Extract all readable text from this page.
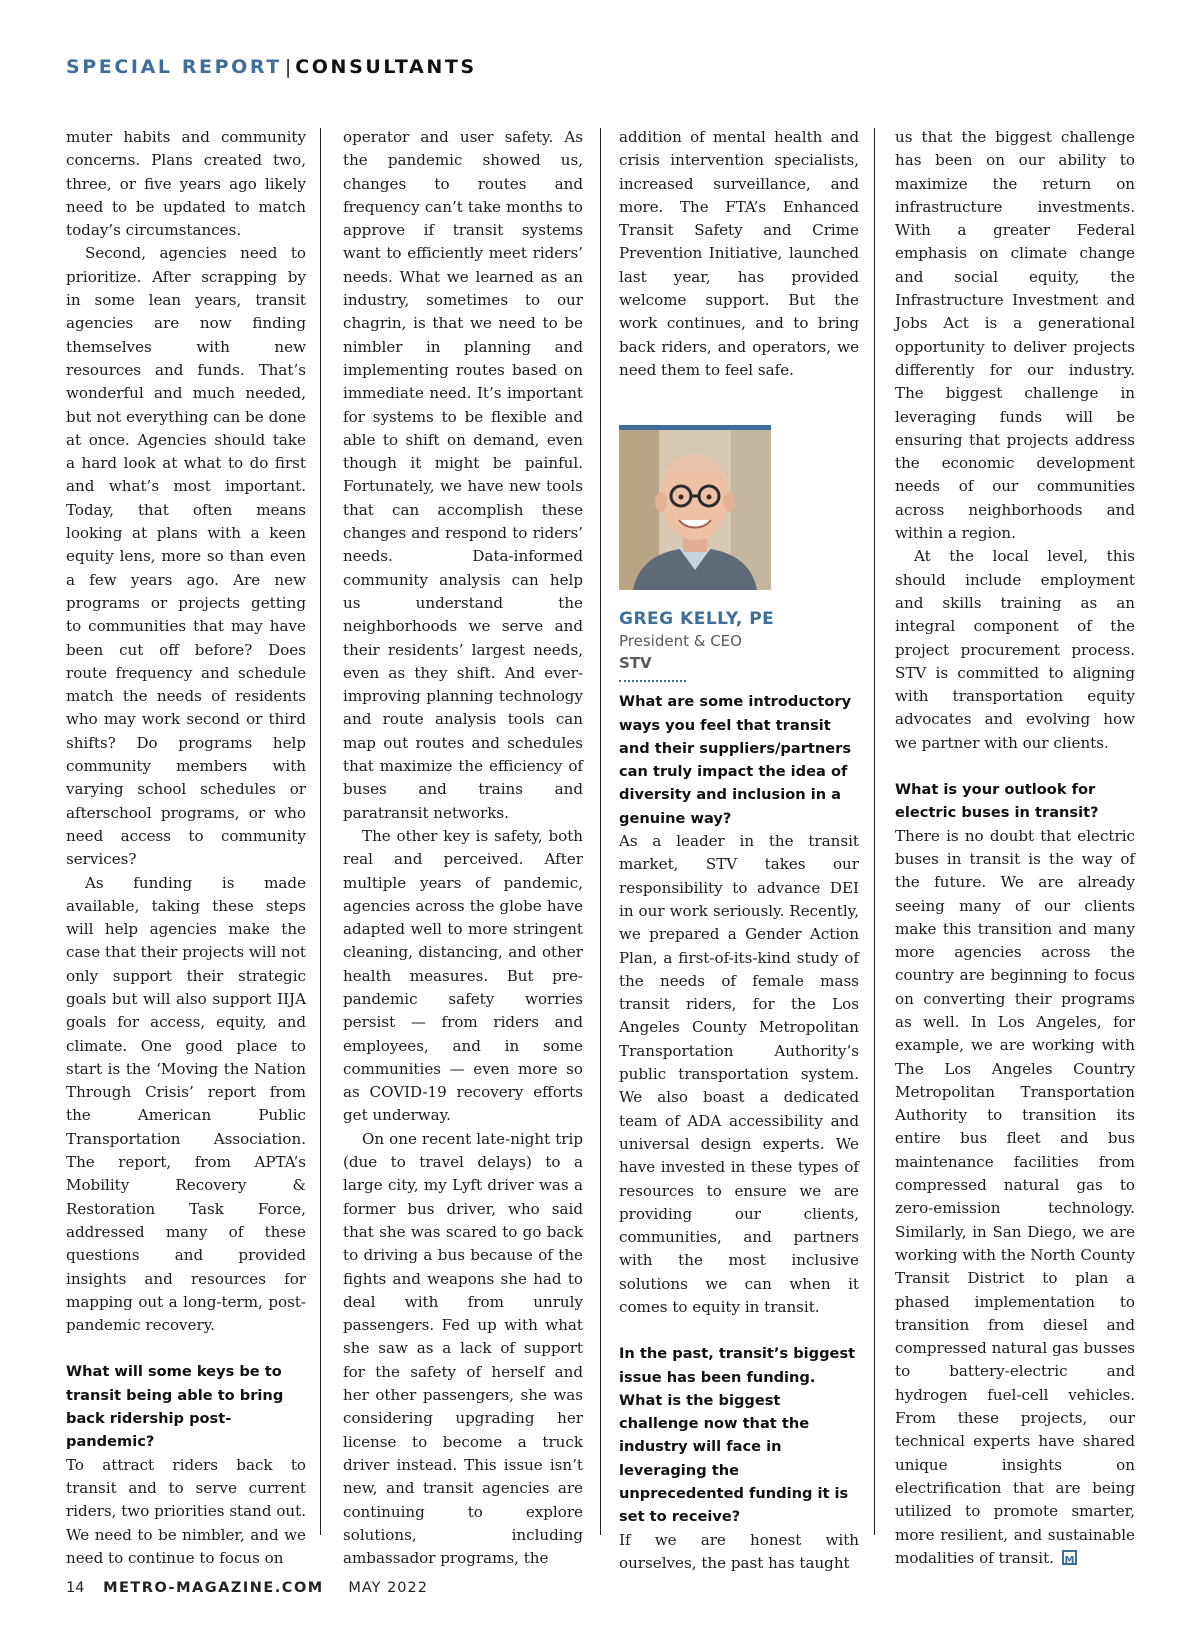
SPECIAL REPORT | CONSULTANTS

muter habits and community concerns. Plans created two, three, or five years ago likely need to be updated to match today’s circumstances.

Second, agencies need to prioritize. After scrapping by in some lean years, transit agencies are now finding themselves with new resources and funds. That’s wonderful and much needed, but not everything can be done at once. Agencies should take a hard look at what to do first and what’s most important. Today, that often means looking at plans with a keen equity lens, more so than even a few years ago. Are new programs or projects getting to communities that may have been cut off before? Does route frequency and schedule match the needs of residents who may work second or third shifts? Do programs help community members with varying school schedules or afterschool programs, or who need access to community services?

As funding is made available, taking these steps will help agencies make the case that their projects will not only support their strategic goals but will also support IIJA goals for access, equity, and climate. One good place to start is the ‘Moving the Nation Through Crisis’ report from the American Public Transportation Association. The report, from APTA’s Mobility Recovery & Restoration Task Force, addressed many of these questions and provided insights and resources for mapping out a long-term, post-pandemic recovery.

What will some keys be to transit being able to bring back ridership post-pandemic?

To attract riders back to transit and to serve current riders, two priorities stand out. We need to be nimbler, and we need to continue to focus on

operator and user safety. As the pandemic showed us, changes to routes and frequency can’t take months to approve if transit systems want to efficiently meet riders’ needs. What we learned as an industry, sometimes to our chagrin, is that we need to be nimbler in planning and implementing routes based on immediate need. It’s important for systems to be flexible and able to shift on demand, even though it might be painful. Fortunately, we have new tools that can accomplish these changes and respond to riders’ needs. Data-informed community analysis can help us understand the neighborhoods we serve and their residents’ largest needs, even as they shift. And ever-improving planning technology and route analysis tools can map out routes and schedules that maximize the efficiency of buses and trains and paratransit networks.

The other key is safety, both real and perceived. After multiple years of pandemic, agencies across the globe have adapted well to more stringent cleaning, distancing, and other health measures. But pre-pandemic safety worries persist — from riders and employees, and in some communities — even more so as COVID-19 recovery efforts get underway.

On one recent late-night trip (due to travel delays) to a large city, my Lyft driver was a former bus driver, who said that she was scared to go back to driving a bus because of the fights and weapons she had to deal with from unruly passengers. Fed up with what she saw as a lack of support for the safety of herself and her other passengers, she was considering upgrading her license to become a truck driver instead. This issue isn’t new, and transit agencies are continuing to explore solutions, including ambassador programs, the

addition of mental health and crisis intervention specialists, increased surveillance, and more. The FTA’s Enhanced Transit Safety and Crime Prevention Initiative, launched last year, has provided welcome support. But the work continues, and to bring back riders, and operators, we need them to feel safe.

GREG KELLY, PE
President & CEO
STV
What are some introductory ways you feel that transit and their suppliers/partners can truly impact the idea of diversity and inclusion in a genuine way?

As a leader in the transit market, STV takes our responsibility to advance DEI in our work seriously. Recently, we prepared a Gender Action Plan, a first-of-its-kind study of the needs of female mass transit riders, for the Los Angeles County Metropolitan Transportation Authority’s public transportation system. We also boast a dedicated team of ADA accessibility and universal design experts. We have invested in these types of resources to ensure we are providing our clients, communities, and partners with the most inclusive solutions we can when it comes to equity in transit.

In the past, transit’s biggest issue has been funding. What is the biggest challenge now that the industry will face in leveraging the unprecedented funding it is set to receive?

If we are honest with ourselves, the past has taught

us that the biggest challenge has been on our ability to maximize the return on infrastructure investments. With a greater Federal emphasis on climate change and social equity, the Infrastructure Investment and Jobs Act is a generational opportunity to deliver projects differently for our industry. The biggest challenge in leveraging funds will be ensuring that projects address the economic development needs of our communities across neighborhoods and within a region.

At the local level, this should include employment and skills training as an integral component of the project procurement process. STV is committed to aligning with transportation equity advocates and evolving how we partner with our clients.

What is your outlook for electric buses in transit?

There is no doubt that electric buses in transit is the way of the future. We are already seeing many of our clients make this transition and many more agencies across the country are beginning to focus on converting their programs as well. In Los Angeles, for example, we are working with The Los Angeles Country Metropolitan Transportation Authority to transition its entire bus fleet and bus maintenance facilities from compressed natural gas to zero-emission technology. Similarly, in San Diego, we are working with the North County Transit District to plan a phased implementation to transition from diesel and compressed natural gas busses to battery-electric and hydrogen fuel-cell vehicles. From these projects, our technical experts have shared unique insights on electrification that are being utilized to promote smarter, more resilient, and sustainable modalities of transit.M

14 METRO-MAGAZINE.COM MAY 2022
